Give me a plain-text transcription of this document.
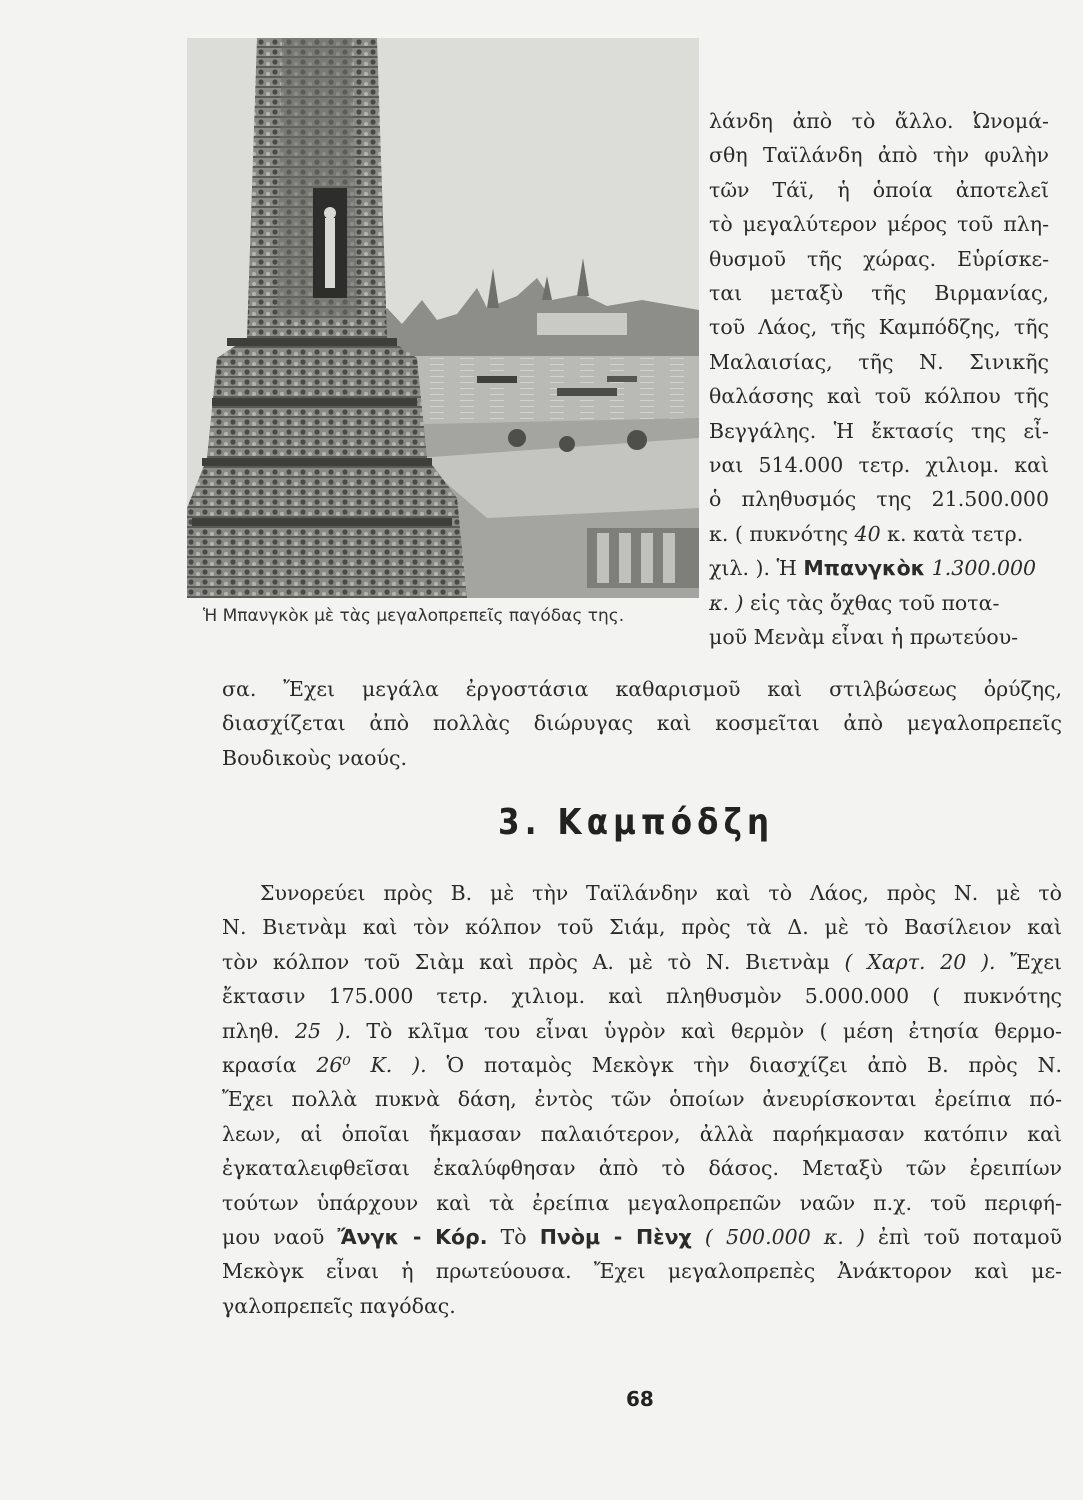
Ἡ Μπανγκὸκ μὲ τὰς μεγαλοπρεπεῖς παγόδας της.
λάνδη ἀπὸ τὸ ἄλλο. Ὠνομά-
σθη Ταϊλάνδη ἀπὸ τὴν φυλὴν
τῶν Τάϊ, ἡ ὁποία ἀποτελεῖ
τὸ μεγαλύτερον μέρος τοῦ πλη-
θυσμοῦ τῆς χώρας. Εὑρίσκε-
ται μεταξὺ τῆς Βιρμανίας,
τοῦ Λάος, τῆς Καμπόδζης, τῆς
Μαλαισίας, τῆς Ν. Σινικῆς
θαλάσσης καὶ τοῦ κόλπου τῆς
Βεγγάλης. Ἡ ἔκτασίς της εἶ-
ναι 514.000 τετρ. χιλιομ. καὶ
ὁ πληθυσμός της 21.500.000
κ. ( πυκνότης 40 κ. κατὰ τετρ.
χιλ. ). Ἡ Μπανγκὸκ 1.300.000
κ. ) εἰς τὰς ὄχθας τοῦ ποτα-
μοῦ Μενὰμ εἶναι ἡ πρωτεύου-
σα. Ἔχει μεγάλα ἐργοστάσια καθαρισμοῦ καὶ στιλβώσεως ὀρύζης,
διασχίζεται ἀπὸ πολλὰς διώρυγας καὶ κοσμεῖται ἀπὸ μεγαλοπρεπεῖς
Βουδικοὺς ναούς.
3. Καμπόδζη
Συνορεύει πρὸς Β. μὲ τὴν Ταϊλάνδην καὶ τὸ Λάος, πρὸς Ν. μὲ τὸ
Ν. Βιετνὰμ καὶ τὸν κόλπον τοῦ Σιάμ, πρὸς τὰ Δ. μὲ τὸ Βασίλειον καὶ
τὸν κόλπον τοῦ Σιὰμ καὶ πρὸς Α. μὲ τὸ Ν. Βιετνὰμ ( Χαρτ. 20 ). Ἔχει
ἔκτασιν 175.000 τετρ. χιλιομ. καὶ πληθυσμὸν 5.000.000 ( πυκνότης
πληθ. 25 ). Τὸ κλῖμα του εἶναι ὑγρὸν καὶ θερμὸν ( μέση ἐτησία θερμο-
κρασία 26⁰ Κ. ). Ὁ ποταμὸς Μεκὸγκ τὴν διασχίζει ἀπὸ Β. πρὸς Ν.
Ἔχει πολλὰ πυκνὰ δάση, ἐντὸς τῶν ὁποίων ἀνευρίσκονται ἐρείπια πό-
λεων, αἱ ὁποῖαι ἤκμασαν παλαιότερον, ἀλλὰ παρήκμασαν κατόπιν καὶ
ἐγκαταλειφθεῖσαι ἐκαλύφθησαν ἀπὸ τὸ δάσος. Μεταξὺ τῶν ἐρειπίων
τούτων ὑπάρχουν καὶ τὰ ἐρείπια μεγαλοπρεπῶν ναῶν π.χ. τοῦ περιφή-
μου ναοῦ Ἄνγκ - Κόρ. Τὸ Πνὸμ - Πὲνχ ( 500.000 κ. ) ἐπὶ τοῦ ποταμοῦ
Μεκὸγκ εἶναι ἡ πρωτεύουσα. Ἔχει μεγαλοπρεπὲς Ἀνάκτορον καὶ με-
γαλοπρεπεῖς παγόδας.
68
